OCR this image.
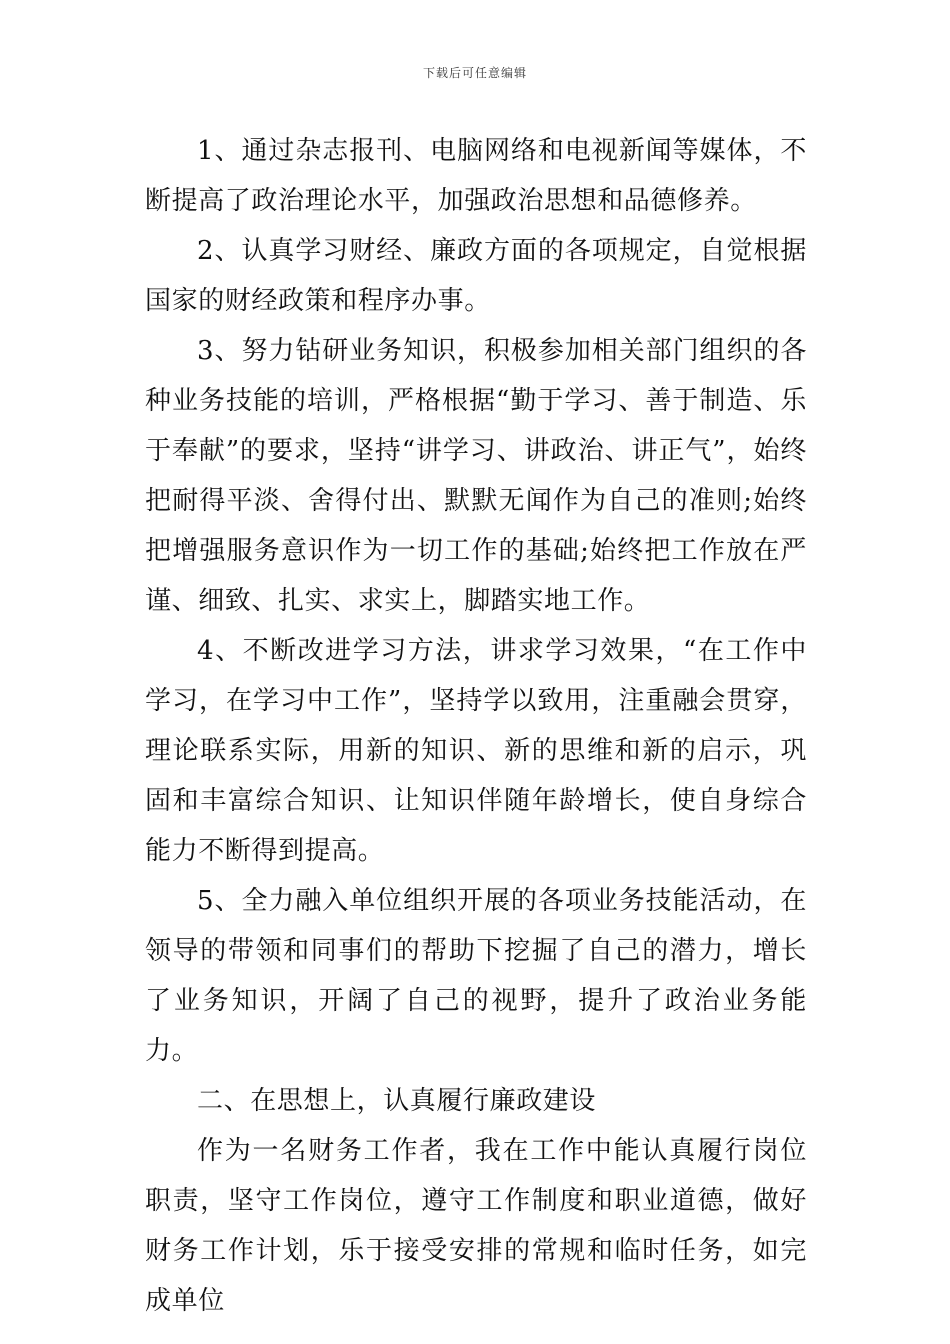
下载后可任意编辑

1、通过杂志报刊、电脑网络和电视新闻等媒体，不断提高了政治理论水平，加强政治思想和品德修养。

2、认真学习财经、廉政方面的各项规定，自觉根据国家的财经政策和程序办事。

3、努力钻研业务知识，积极参加相关部门组织的各种业务技能的培训，严格根据“勤于学习、善于制造、乐于奉献”的要求，坚持“讲学习、讲政治、讲正气”，始终把耐得平淡、舍得付出、默默无闻作为自己的准则;始终把增强服务意识作为一切工作的基础;始终把工作放在严谨、细致、扎实、求实上，脚踏实地工作。

4、不断改进学习方法，讲求学习效果，“在工作中学习，在学习中工作”，坚持学以致用，注重融会贯穿，理论联系实际，用新的知识、新的思维和新的启示，巩固和丰富综合知识、让知识伴随年龄增长，使自身综合能力不断得到提高。

5、全力融入单位组织开展的各项业务技能活动，在领导的带领和同事们的帮助下挖掘了自己的潜力，增长了业务知识，开阔了自己的视野，提升了政治业务能力。

二、在思想上，认真履行廉政建设

作为一名财务工作者，我在工作中能认真履行岗位职责，坚守工作岗位，遵守工作制度和职业道德，做好财务工作计划，乐于接受安排的常规和临时任务，如完成单位
